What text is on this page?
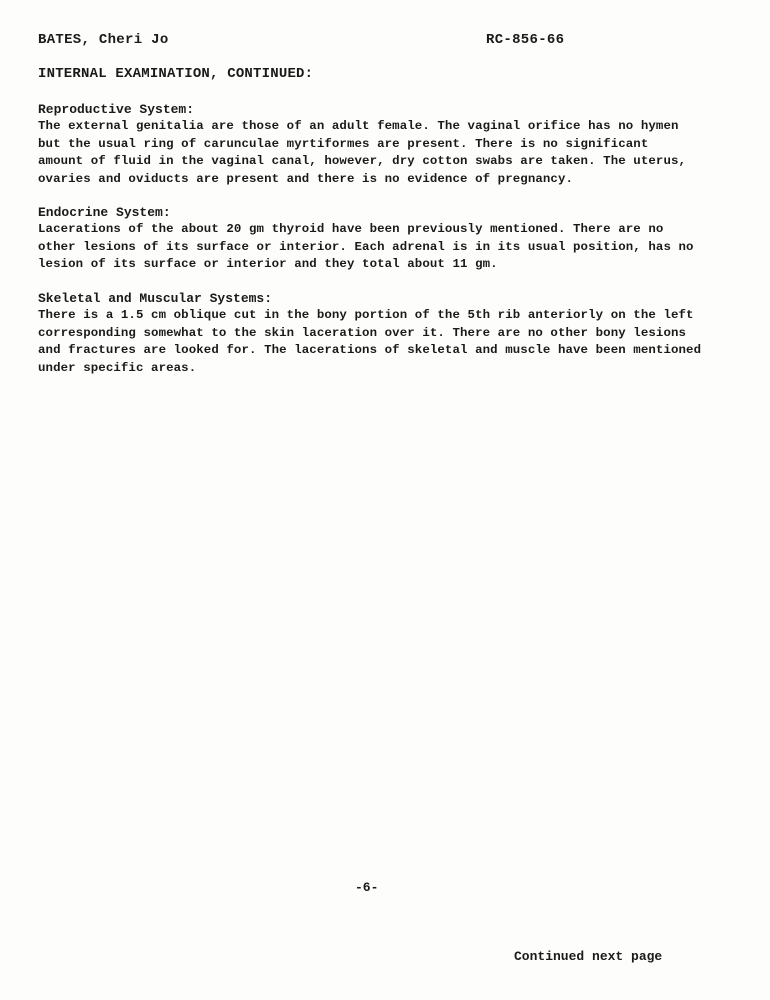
BATES, Cheri Jo	RC-856-66
INTERNAL EXAMINATION, CONTINUED:
Reproductive System:
The external genitalia are those of an adult female. The vaginal orifice has no hymen
but the usual ring of carunculae myrtiformes are present. There is no significant
amount of fluid in the vaginal canal, however, dry cotton swabs are taken. The uterus,
ovaries and oviducts are present and there is no evidence of pregnancy.
Endocrine System:
Lacerations of the about 20 gm thyroid have been previously mentioned. There are no
other lesions of its surface or interior. Each adrenal is in its usual position, has no
lesion of its surface or interior and they total about 11 gm.
Skeletal and Muscular Systems:
There is a 1.5 cm oblique cut in the bony portion of the 5th rib anteriorly on the left
corresponding somewhat to the skin laceration over it. There are no other bony lesions
and fractures are looked for. The lacerations of skeletal and muscle have been mentioned
under specific areas.
-6-
Continued next page
